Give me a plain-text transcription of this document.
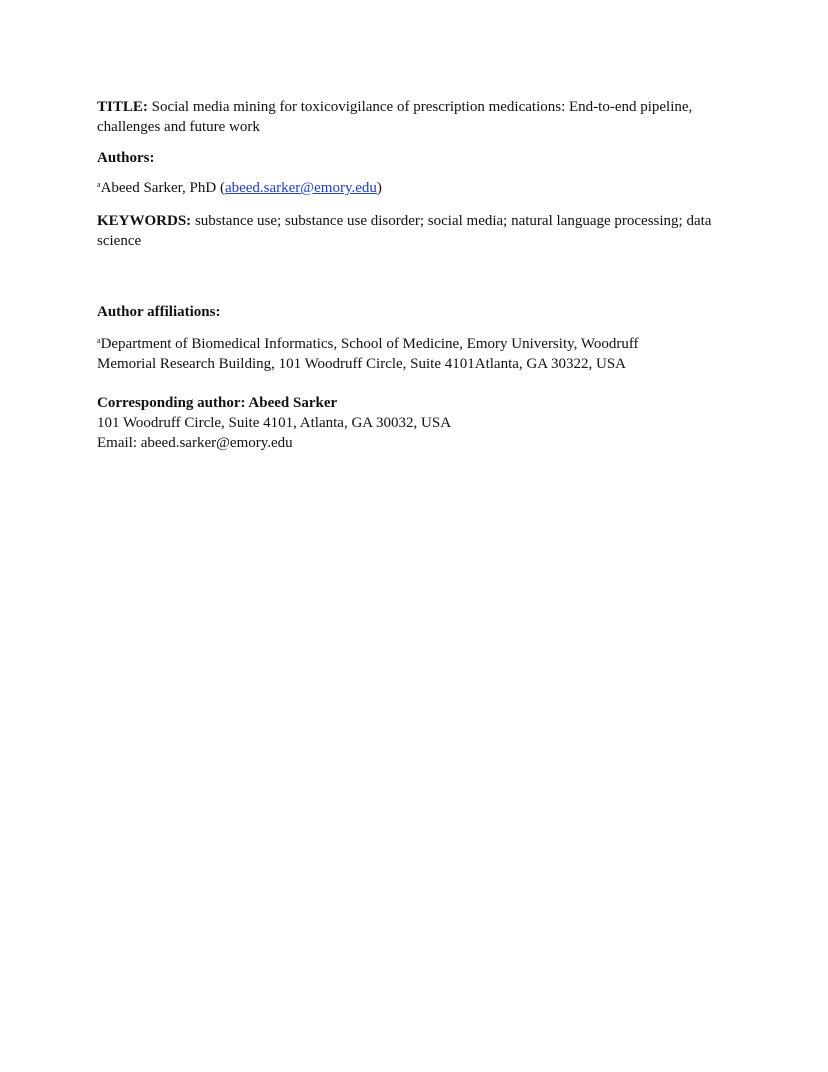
TITLE: Social media mining for toxicovigilance of prescription medications: End-to-end pipeline, challenges and future work

Authors:

$^a$Abeed Sarker, PhD (abeed.sarker@emory.edu)

KEYWORDS: substance use; substance use disorder; social media; natural language processing; data science

Author affiliations:

$^a$Department of Biomedical Informatics, School of Medicine, Emory University, Woodruff
Memorial Research Building, 101 Woodruff Circle, Suite 4101Atlanta, GA 30322, USA

Corresponding author: Abeed Sarker

101 Woodruff Circle, Suite 4101, Atlanta, GA 30032, USA

Email: abeed.sarker@emory.edu
